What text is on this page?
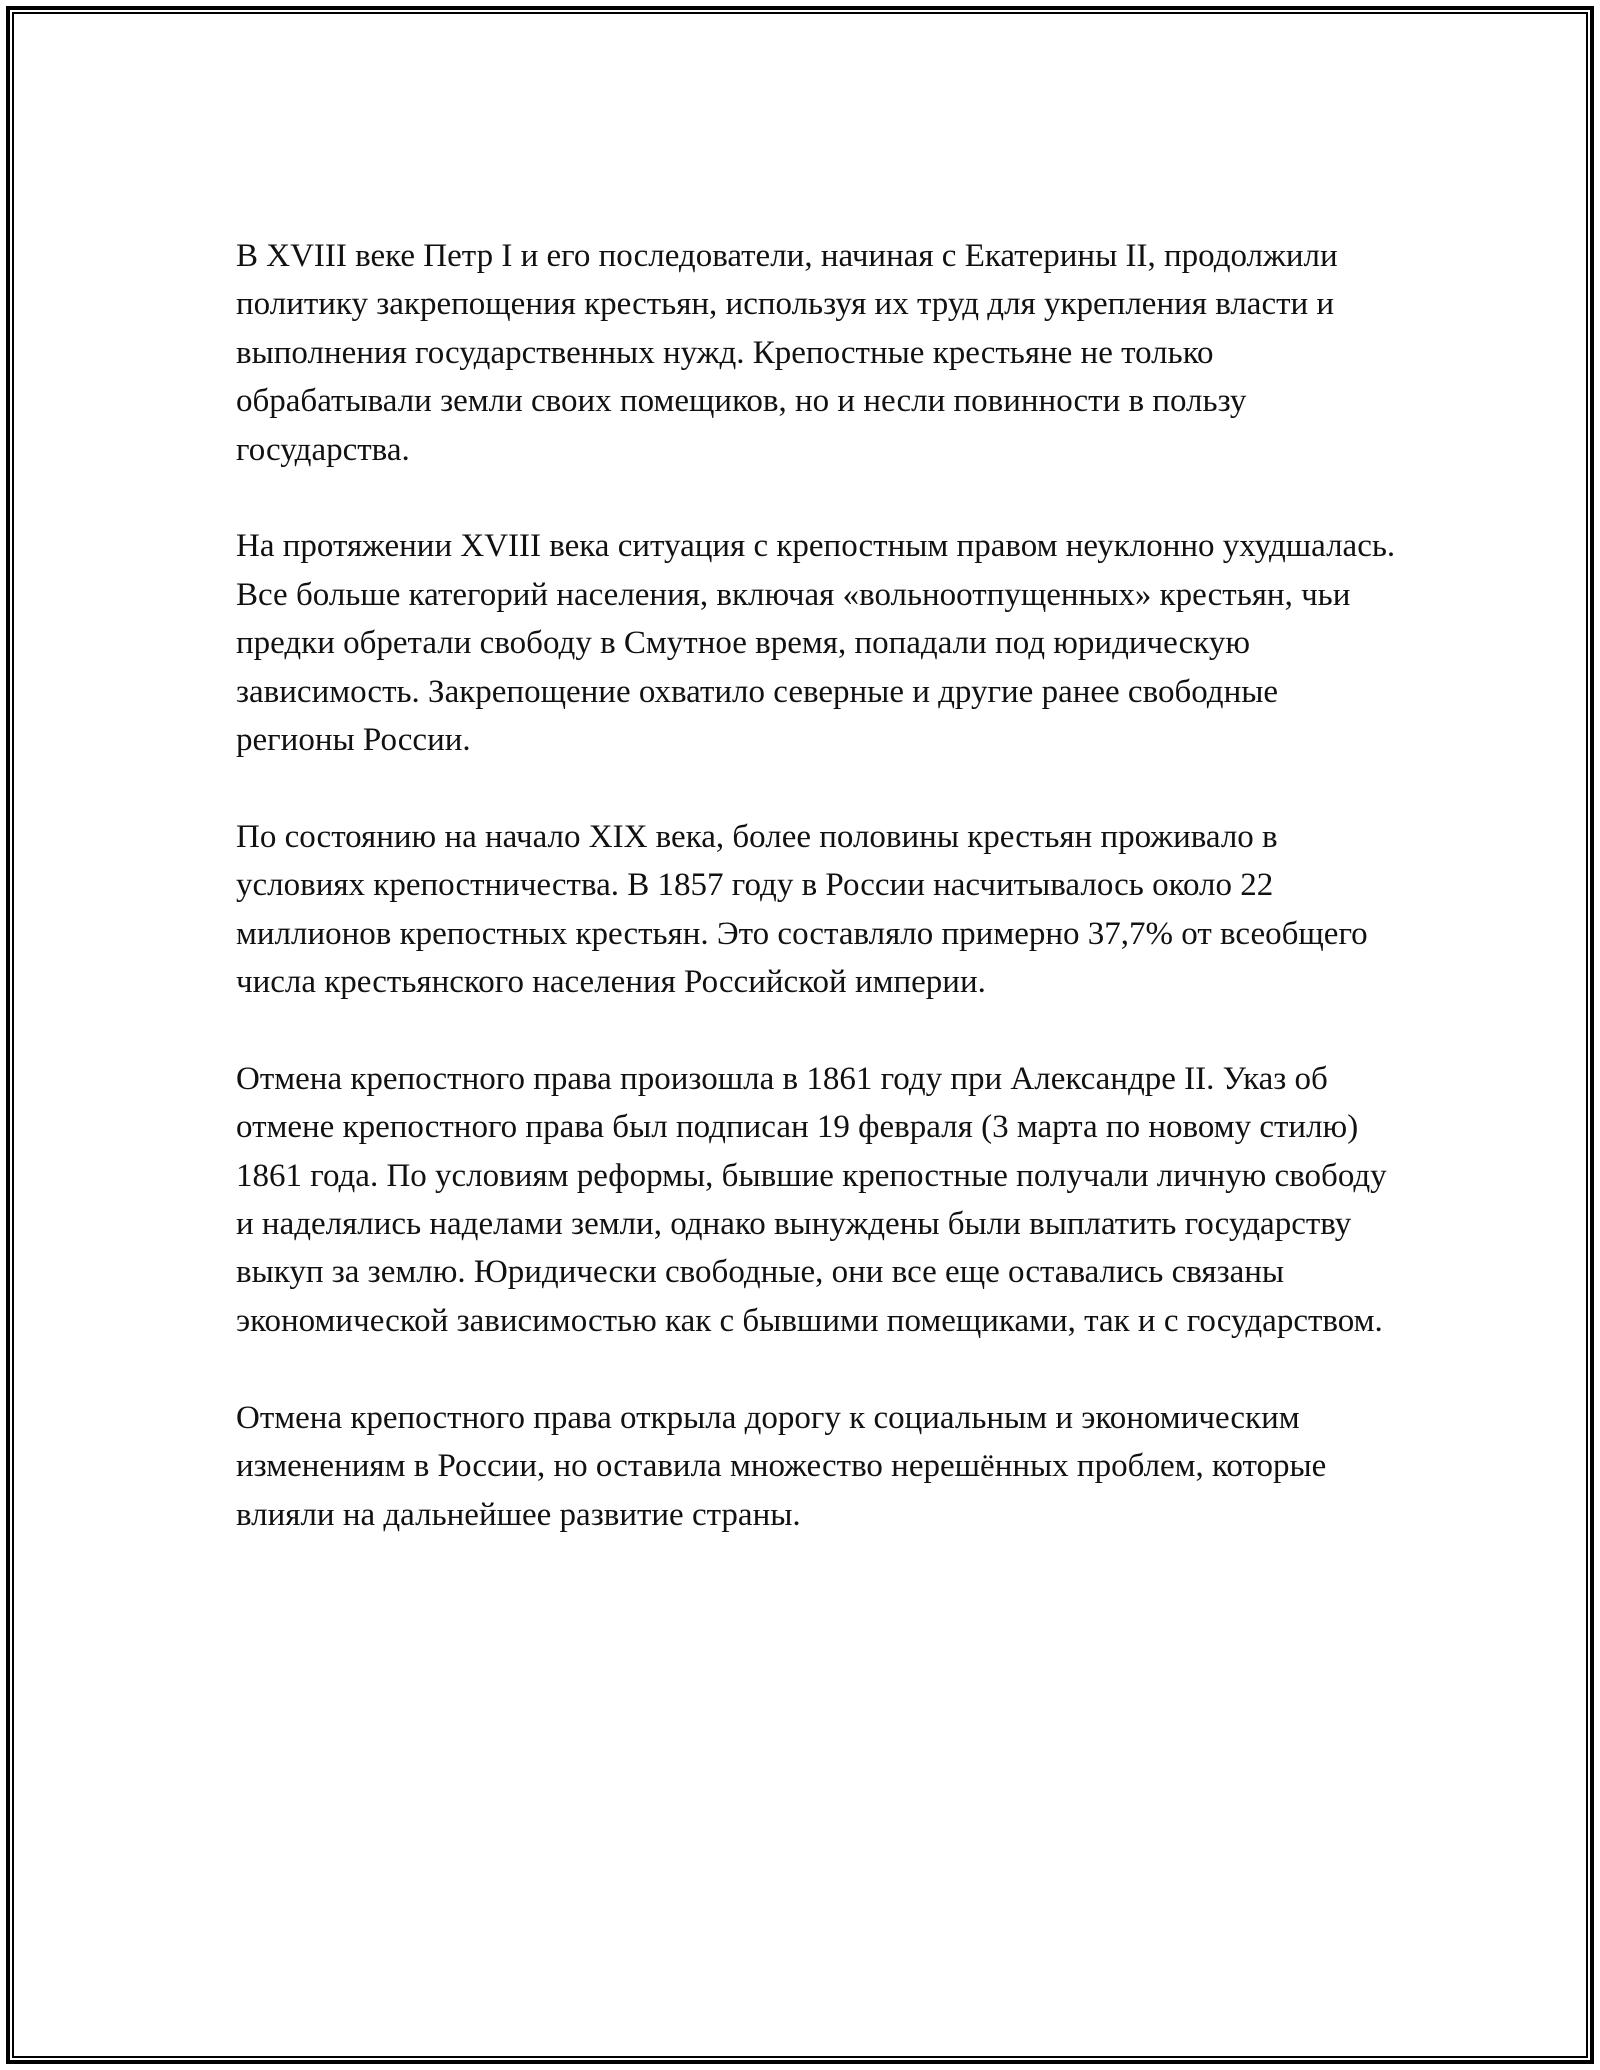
В XVIII веке Петр I и его последователи, начиная с Екатерины II, продолжили политику закрепощения крестьян, используя их труд для укрепления власти и выполнения государственных нужд. Крепостные крестьяне не только обрабатывали земли своих помещиков, но и несли повинности в пользу государства.

На протяжении XVIII века ситуация с крепостным правом неуклонно ухудшалась. Все больше категорий населения, включая «вольноотпущенных» крестьян, чьи предки обретали свободу в Смутное время, попадали под юридическую зависимость. Закрепощение охватило северные и другие ранее свободные регионы России.

По состоянию на начало XIX века, более половины крестьян проживало в условиях крепостничества. В 1857 году в России насчитывалось около 22 миллионов крепостных крестьян. Это составляло примерно 37,7% от всеобщего числа крестьянского населения Российской империи.

Отмена крепостного права произошла в 1861 году при Александре II. Указ об отмене крепостного права был подписан 19 февраля (3 марта по новому стилю) 1861 года. По условиям реформы, бывшие крепостные получали личную свободу и наделялись наделами земли, однако вынуждены были выплатить государству выкуп за землю. Юридически свободные, они все еще оставались связаны экономической зависимостью как с бывшими помещиками, так и с государством.

Отмена крепостного права открыла дорогу к социальным и экономическим изменениям в России, но оставила множество нерешённых проблем, которые влияли на дальнейшее развитие страны.
